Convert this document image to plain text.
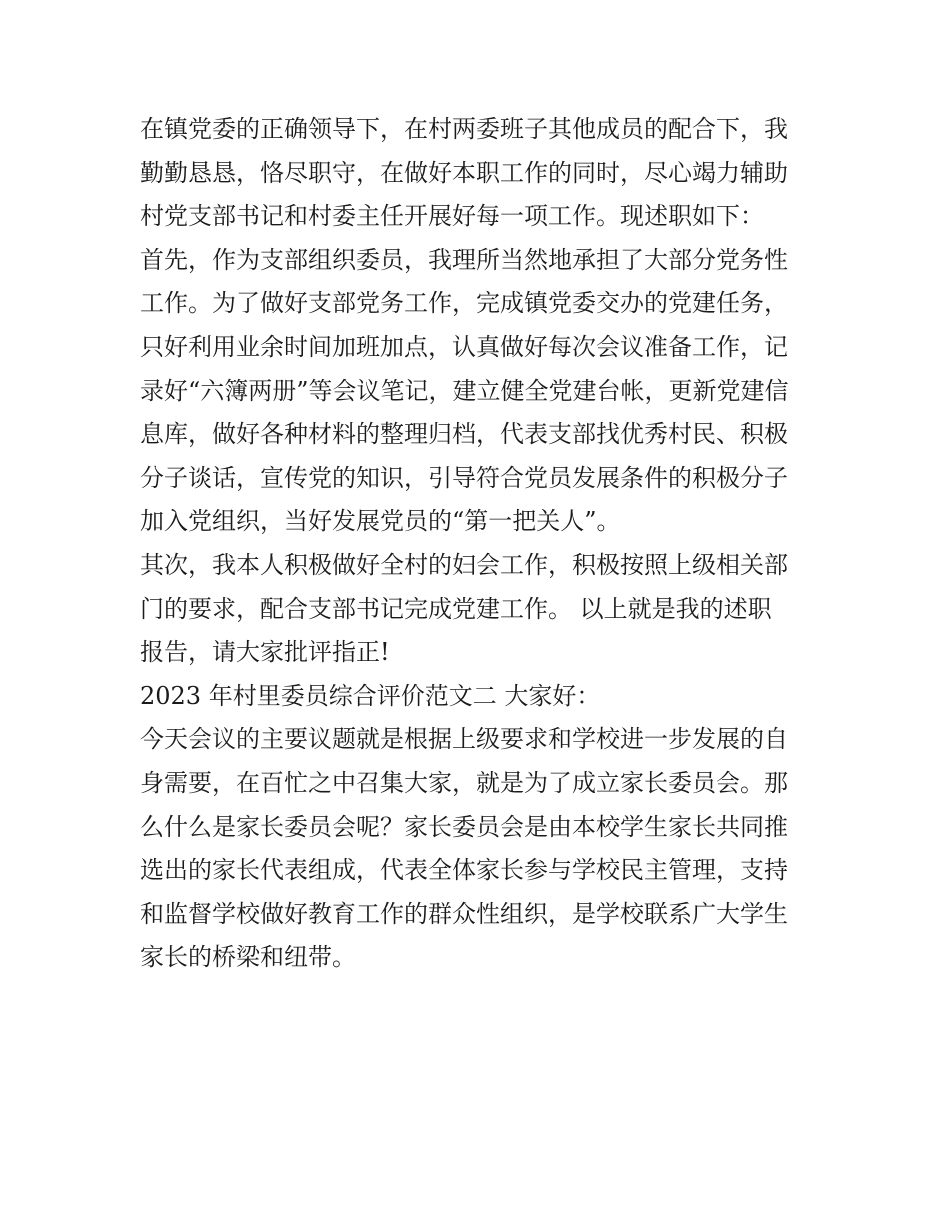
在镇党委的正确领导下，在村两委班子其他成员的配合下，我
勤勤恳恳，恪尽职守，在做好本职工作的同时，尽心竭力辅助
村党支部书记和村委主任开展好每一项工作。现述职如下：
首先，作为支部组织委员，我理所当然地承担了大部分党务性
工作。为了做好支部党务工作，完成镇党委交办的党建任务，
只好利用业余时间加班加点，认真做好每次会议准备工作，记
录好“六簿两册”等会议笔记，建立健全党建台帐，更新党建信
息库，做好各种材料的整理归档，代表支部找优秀村民、积极
分子谈话，宣传党的知识，引导符合党员发展条件的积极分子
加入党组织，当好发展党员的“第一把关人”。
其次，我本人积极做好全村的妇会工作，积极按照上级相关部
门的要求，配合支部书记完成党建工作。 以上就是我的述职
报告，请大家批评指正!
2023 年村里委员综合评价范文二 大家好：
今天会议的主要议题就是根据上级要求和学校进一步发展的自
身需要，在百忙之中召集大家，就是为了成立家长委员会。那
么什么是家长委员会呢？家长委员会是由本校学生家长共同推
选出的家长代表组成，代表全体家长参与学校民主管理，支持
和监督学校做好教育工作的群众性组织，是学校联系广大学生
家长的桥梁和纽带。
